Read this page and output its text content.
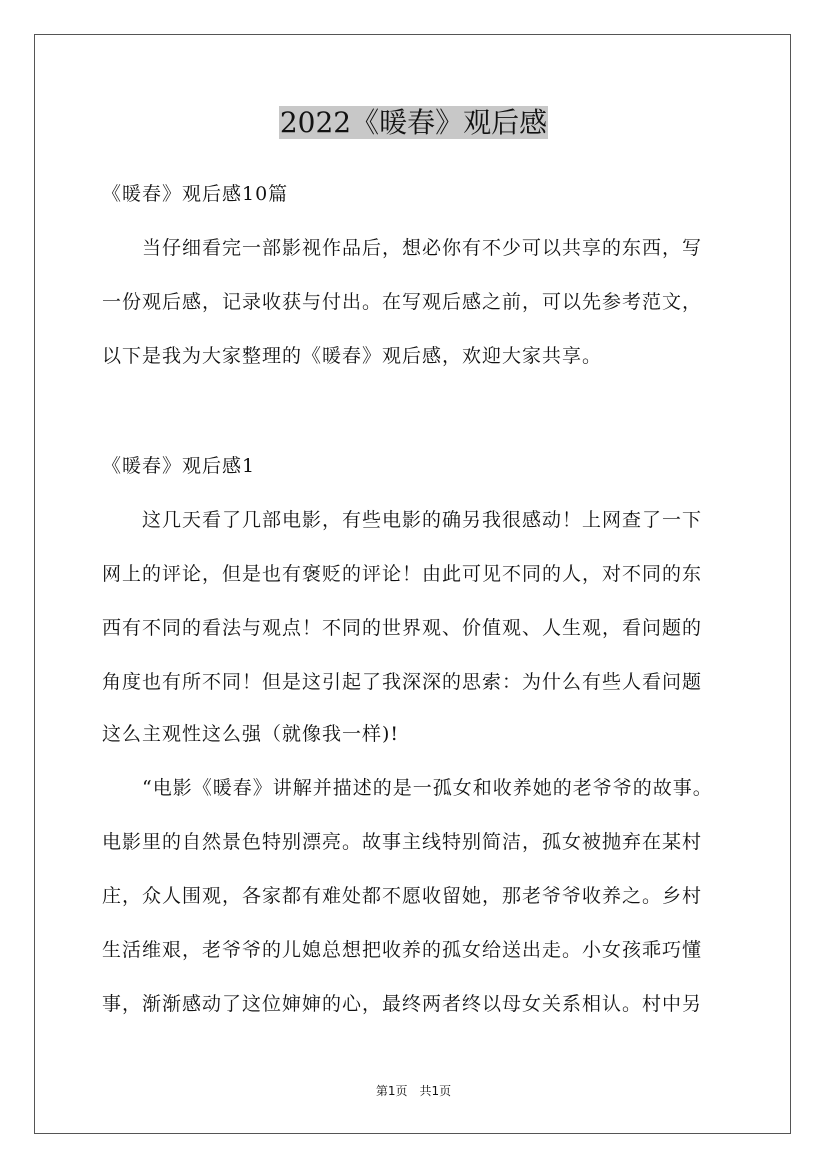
2022《暖春》观后感
《暖春》观后感10篇
　　当仔细看完一部影视作品后，想必你有不少可以共享的东西，写
一份观后感，记录收获与付出。在写观后感之前，可以先参考范文，
以下是我为大家整理的《暖春》观后感，欢迎大家共享。
《暖春》观后感1
　　这几天看了几部电影，有些电影的确另我很感动！上网查了一下
网上的评论，但是也有褒贬的评论！由此可见不同的人，对不同的东
西有不同的看法与观点！不同的世界观、价值观、人生观，看问题的
角度也有所不同！但是这引起了我深深的思索：为什么有些人看问题
这么主观性这么强（就像我一样)!
　　“电影《暖春》讲解并描述的是一孤女和收养她的老爷爷的故事。
电影里的自然景色特别漂亮。故事主线特别简洁，孤女被抛弃在某村
庄，众人围观，各家都有难处都不愿收留她，那老爷爷收养之。乡村
生活维艰，老爷爷的儿媳总想把收养的孤女给送出走。小女孩乖巧懂
事，渐渐感动了这位婶婶的心，最终两者终以母女关系相认。村中另
第1页　共1页
